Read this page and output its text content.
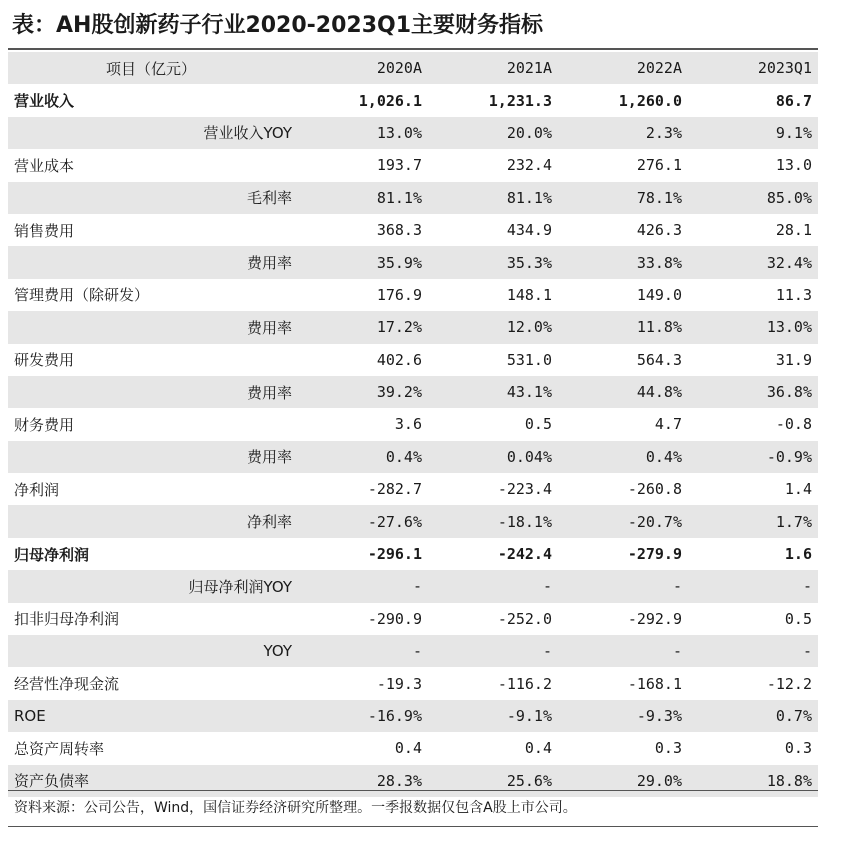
表：AH股创新药子行业2020-2023Q1主要财务指标
项目（亿元）	2020A	2021A	2022A	2023Q1
营业收入	1,026.1	1,231.3	1,260.0	86.7
营业收入YOY	13.0%	20.0%	2.3%	9.1%
营业成本	193.7	232.4	276.1	13.0
毛利率	81.1%	81.1%	78.1%	85.0%
销售费用	368.3	434.9	426.3	28.1
费用率	35.9%	35.3%	33.8%	32.4%
管理费用（除研发）	176.9	148.1	149.0	11.3
费用率	17.2%	12.0%	11.8%	13.0%
研发费用	402.6	531.0	564.3	31.9
费用率	39.2%	43.1%	44.8%	36.8%
财务费用	3.6	0.5	4.7	-0.8
费用率	0.4%	0.04%	0.4%	-0.9%
净利润	-282.7	-223.4	-260.8	1.4
净利率	-27.6%	-18.1%	-20.7%	1.7%
归母净利润	-296.1	-242.4	-279.9	1.6
归母净利润YOY	-	-	-	-
扣非归母净利润	-290.9	-252.0	-292.9	0.5
YOY	-	-	-	-
经营性净现金流	-19.3	-116.2	-168.1	-12.2
ROE	-16.9%	-9.1%	-9.3%	0.7%
总资产周转率	0.4	0.4	0.3	0.3
资产负债率	28.3%	25.6%	29.0%	18.8%
资料来源：公司公告，Wind，国信证券经济研究所整理。一季报数据仅包含A股上市公司。
